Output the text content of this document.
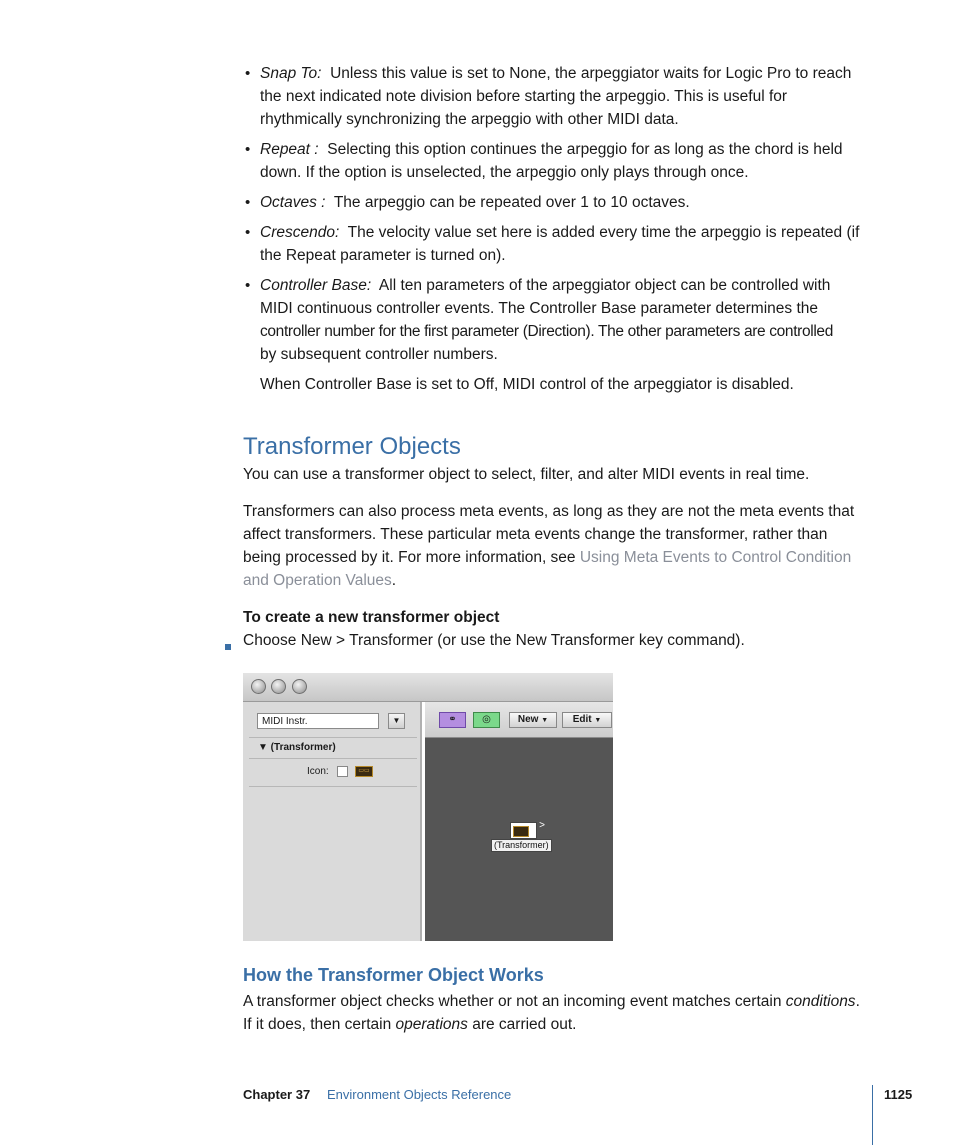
• Snap To: Unless this value is set to None, the arpeggiator waits for Logic Pro to reach
the next indicated note division before starting the arpeggio. This is useful for
rhythmically synchronizing the arpeggio with other MIDI data.
• Repeat : Selecting this option continues the arpeggio for as long as the chord is held
down. If the option is unselected, the arpeggio only plays through once.
• Octaves : The arpeggio can be repeated over 1 to 10 octaves.
• Crescendo: The velocity value set here is added every time the arpeggio is repeated (if
the Repeat parameter is turned on).
• Controller Base: All ten parameters of the arpeggiator object can be controlled with
MIDI continuous controller events. The Controller Base parameter determines the
controller number for the first parameter (Direction). The other parameters are controlled
by subsequent controller numbers.
When Controller Base is set to Off, MIDI control of the arpeggiator is disabled.
Transformer Objects
You can use a transformer object to select, filter, and alter MIDI events in real time.
Transformers can also process meta events, as long as they are not the meta events that
affect transformers. These particular meta events change the transformer, rather than
being processed by it. For more information, see Using Meta Events to Control Condition
and Operation Values.
To create a new transformer object
Choose New > Transformer (or use the New Transformer key command).
MIDI Instr.	▼
▼ (Transformer)
Icon:	▭▭
⚭	◎	New ▼	Edit ▼
>
(Transformer)
How the Transformer Object Works
A transformer object checks whether or not an incoming event matches certain conditions.
If it does, then certain operations are carried out.
Chapter 37 Environment Objects Reference	1125
